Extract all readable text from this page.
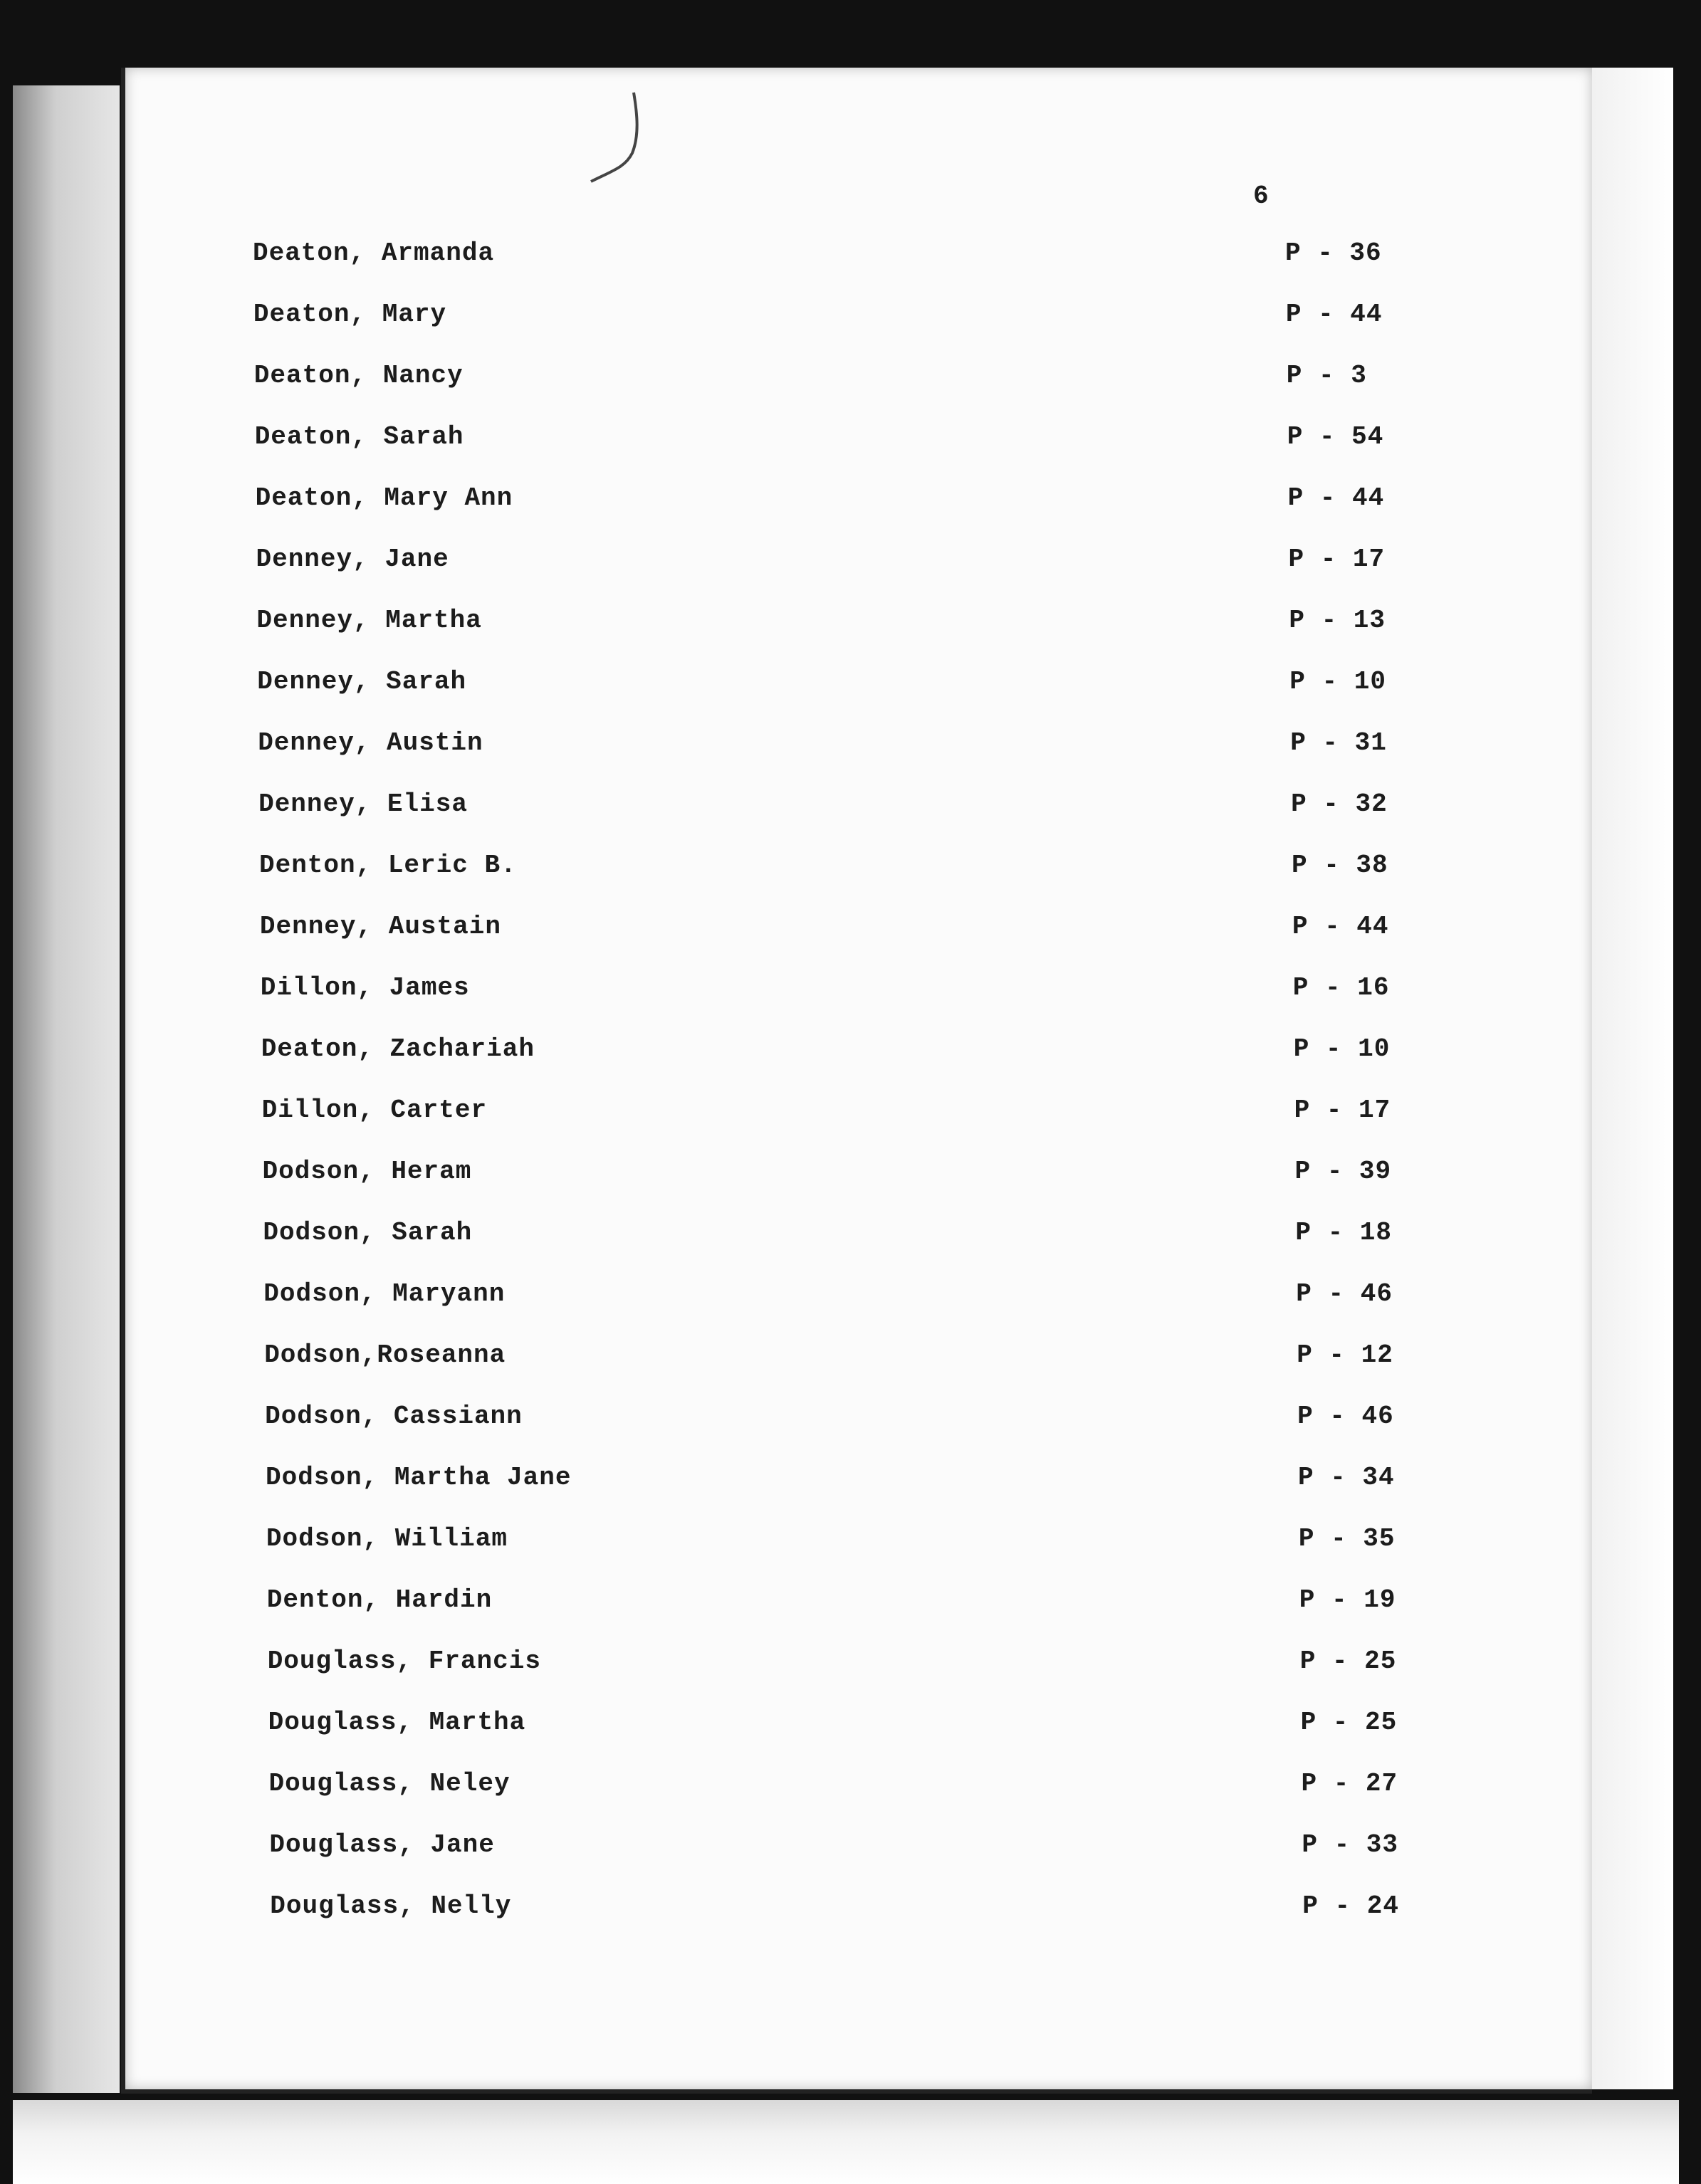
6
Deaton, Armanda	P - 36
Deaton, Mary	P - 44
Deaton, Nancy	P - 3
Deaton, Sarah	P - 54
Deaton, Mary Ann	P - 44
Denney, Jane	P - 17
Denney, Martha	P - 13
Denney, Sarah	P - 10
Denney, Austin	P - 31
Denney, Elisa	P - 32
Denton, Leric B.	P - 38
Denney, Austain	P - 44
Dillon, James	P - 16
Deaton, Zachariah	P - 10
Dillon, Carter	P - 17
Dodson, Heram	P - 39
Dodson, Sarah	P - 18
Dodson, Maryann	P - 46
Dodson,Roseanna	P - 12
Dodson, Cassiann	P - 46
Dodson, Martha Jane	P - 34
Dodson, William	P - 35
Denton, Hardin	P - 19
Douglass, Francis	P - 25
Douglass, Martha	P - 25
Douglass, Neley	P - 27
Douglass, Jane	P - 33
Douglass, Nelly	P - 24
